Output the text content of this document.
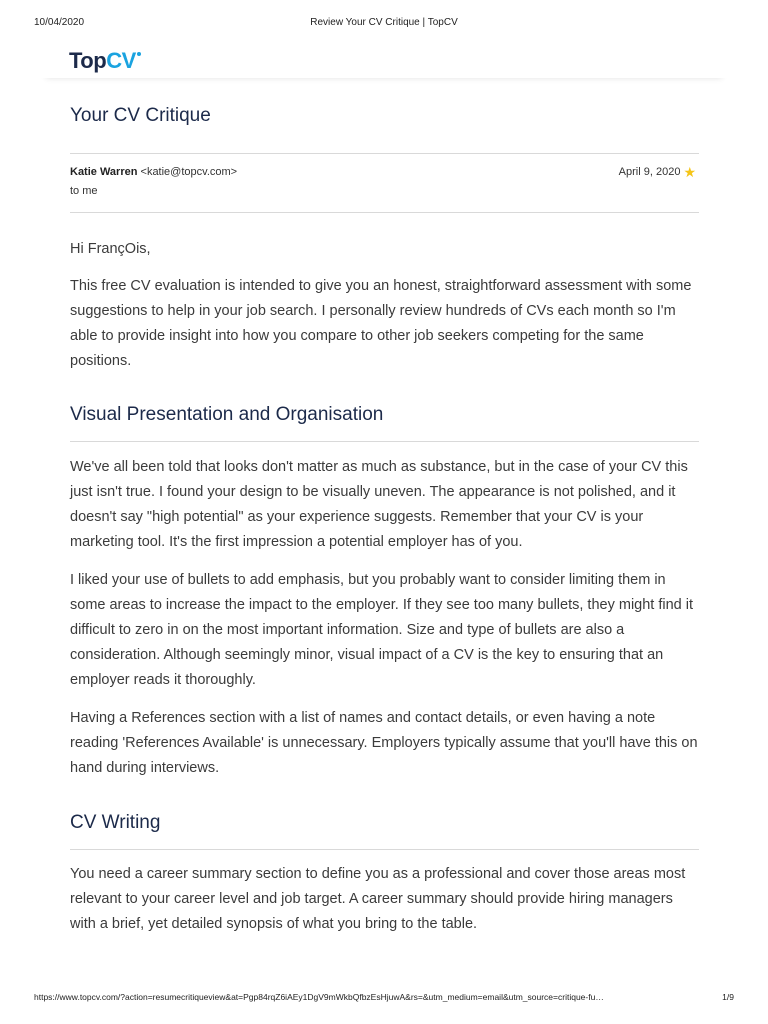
10/04/2020	Review Your CV Critique | TopCV
TopCV
Your CV Critique
Katie Warren <katie@topcv.com>
to me
April 9, 2020 ★

Hi FrançOis,

This free CV evaluation is intended to give you an honest, straightforward assessment with some suggestions to help in your job search. I personally review hundreds of CVs each month so I'm able to provide insight into how you compare to other job seekers competing for the same positions.

Visual Presentation and Organisation

We've all been told that looks don't matter as much as substance, but in the case of your CV this just isn't true. I found your design to be visually uneven. The appearance is not polished, and it doesn't say "high potential" as your experience suggests. Remember that your CV is your marketing tool. It's the first impression a potential employer has of you.

I liked your use of bullets to add emphasis, but you probably want to consider limiting them in some areas to increase the impact to the employer. If they see too many bullets, they might find it difficult to zero in on the most important information. Size and type of bullets are also a consideration. Although seemingly minor, visual impact of a CV is the key to ensuring that an employer reads it thoroughly.

Having a References section with a list of names and contact details, or even having a note reading 'References Available' is unnecessary. Employers typically assume that you'll have this on hand during interviews.

CV Writing

You need a career summary section to define you as a professional and cover those areas most relevant to your career level and job target. A career summary should provide hiring managers with a brief, yet detailed synopsis of what you bring to the table.

https://www.topcv.com/?action=resumecritiqueview&at=Pgp84rqZ6iAEy1DgV9mWkbQfbzEsHjuwA&rs=&utm_medium=email&utm_source=critique-fu…	1/9
